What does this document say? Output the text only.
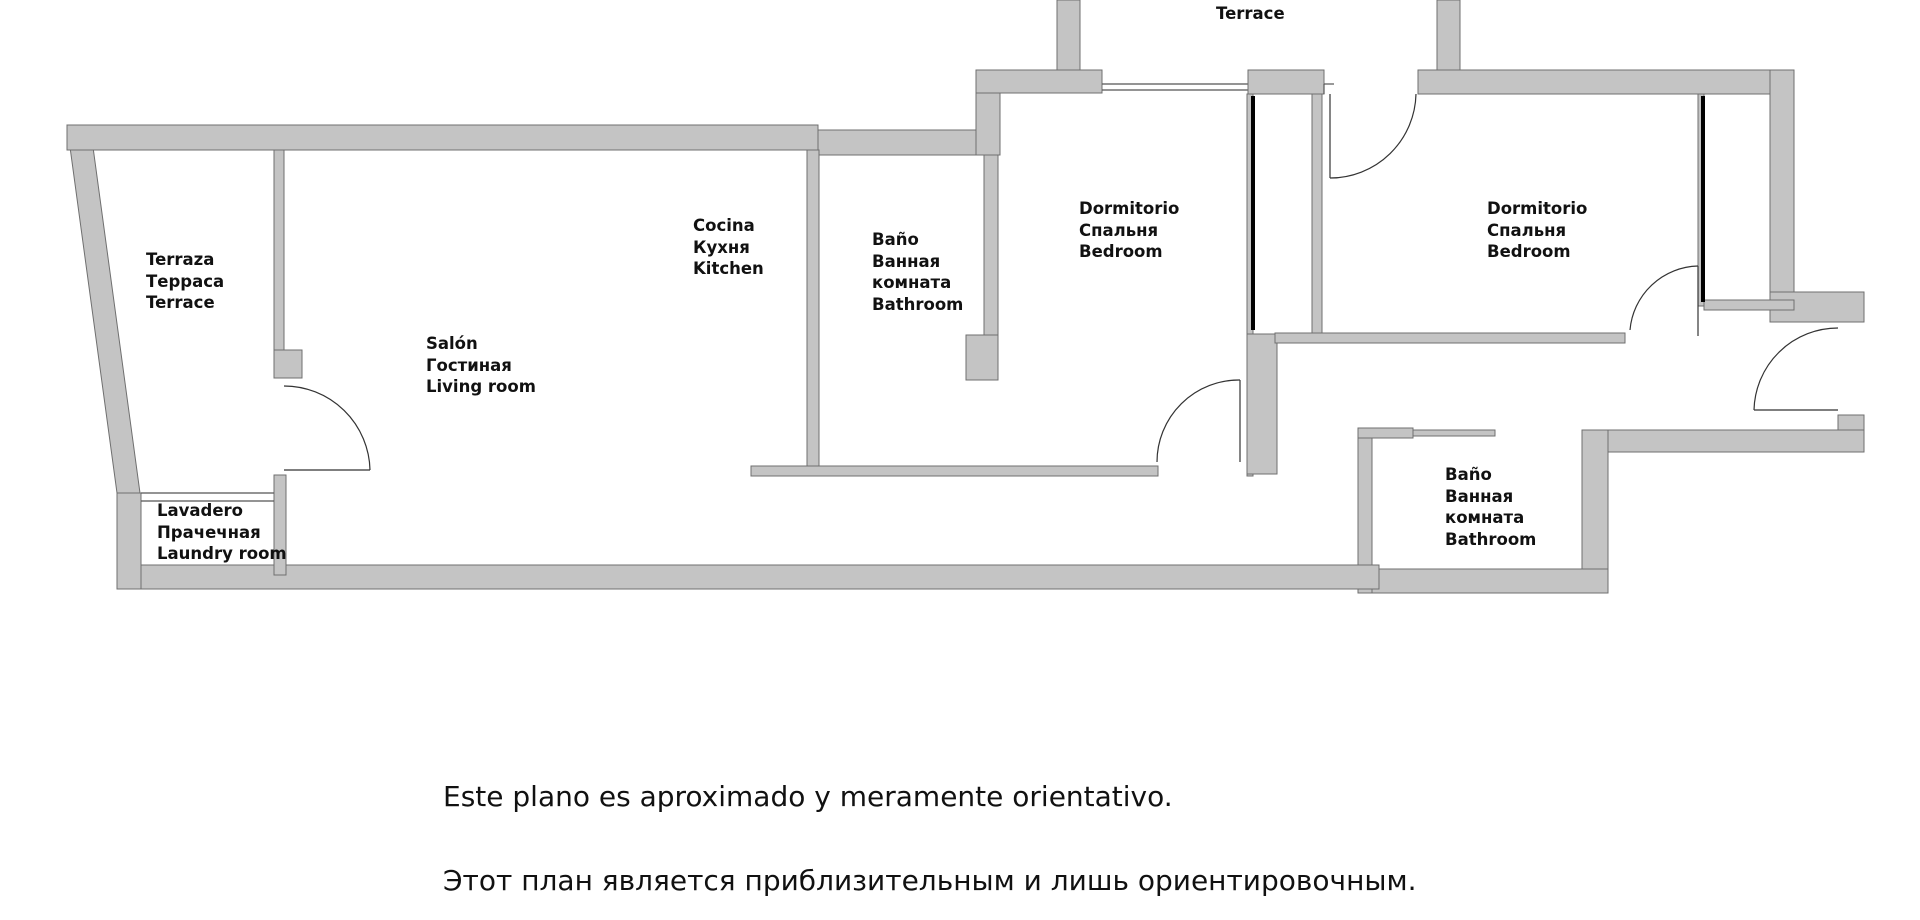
Terrace
Terraza
Терраса
Terrace
Salón
Гостиная
Living room
Cocina
Кухня
Kitchen
Baño
Ванная
комната
Bathroom
Dormitorio
Спальня
Bedroom
Dormitorio
Спальня
Bedroom
Lavadero
Прачечная
Laundry room
Baño
Ванная
комната
Bathroom
Este plano es aproximado y meramente orientativo.
Этот план является приблизительным и лишь ориентировочным.
